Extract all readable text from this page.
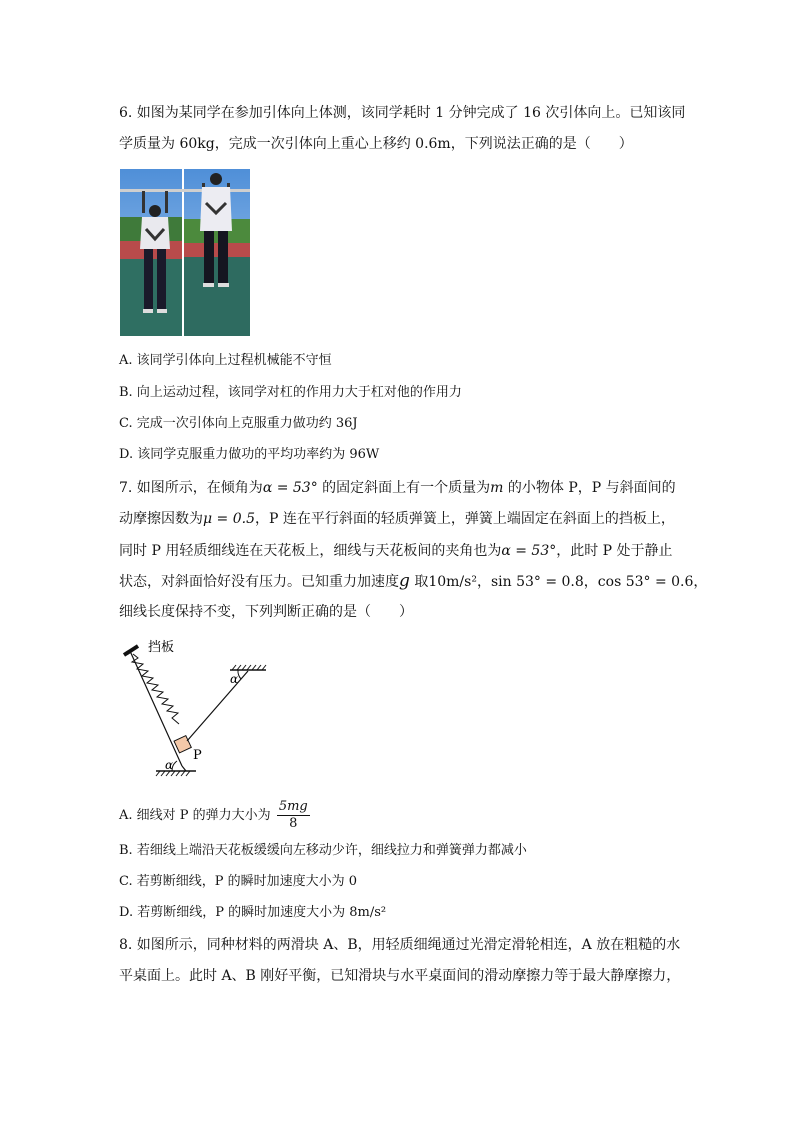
6. 如图为某同学在参加引体向上体测，该同学耗时 1 分钟完成了 16 次引体向上。已知该同
学质量为 60kg，完成一次引体向上重心上移约 0.6m，下列说法正确的是（　　）
A. 该同学引体向上过程机械能不守恒
B. 向上运动过程，该同学对杠的作用力大于杠对他的作用力
C. 完成一次引体向上克服重力做功约 36J
D. 该同学克服重力做功的平均功率约为 96W
7. 如图所示，在倾角为α = 53° 的固定斜面上有一个质量为m 的小物体 P，P 与斜面间的
动摩擦因数为μ = 0.5，P 连在平行斜面的轻质弹簧上，弹簧上端固定在斜面上的挡板上，
同时 P 用轻质细线连在天花板上，细线与天花板间的夹角也为α = 53°，此时 P 处于静止
状态，对斜面恰好没有压力。已知重力加速度g 取10m/s²，sin 53° = 0.8，cos 53° = 0.6，
细线长度保持不变，下列判断正确的是（　　）
挡板
α
α
P
A. 细线对 P 的弹力大小为 $\frac{5mg}{8}$
B. 若细线上端沿天花板缓缓向左移动少许，细线拉力和弹簧弹力都减小
C. 若剪断细线，P 的瞬时加速度大小为 0
D. 若剪断细线，P 的瞬时加速度大小为 8m/s²
8. 如图所示，同种材料的两滑块 A、B，用轻质细绳通过光滑定滑轮相连，A 放在粗糙的水
平桌面上。此时 A、B 刚好平衡，已知滑块与水平桌面间的滑动摩擦力等于最大静摩擦力，
